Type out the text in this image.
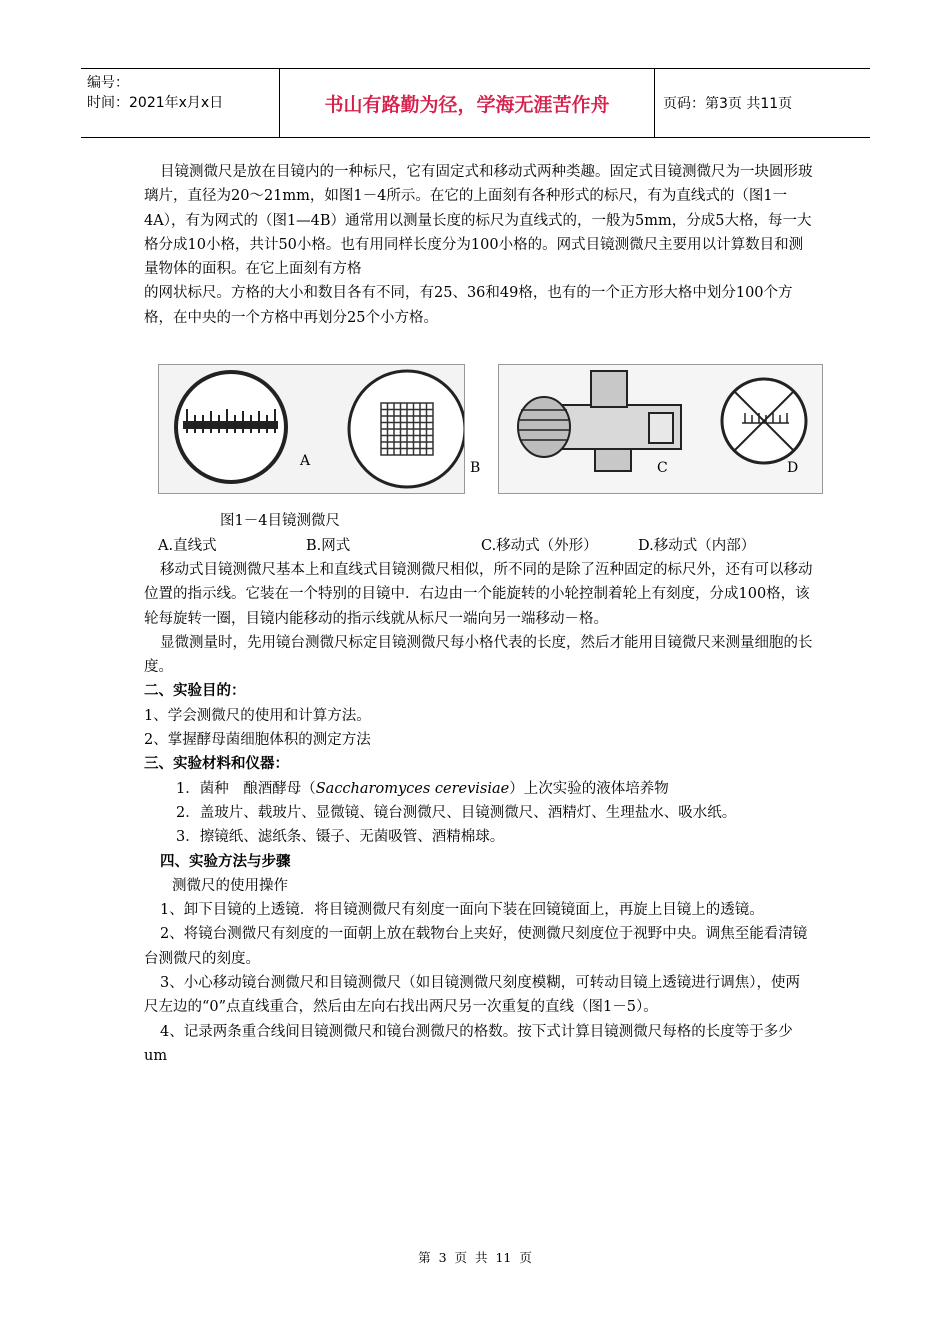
编号：
时间：2021年x月x日	书山有路勤为径，学海无涯苦作舟	页码：第3页 共11页

目镜测微尺是放在目镜内的一种标尺，它有固定式和移动式两种类趣。固定式目镜测微尺为一块圆形玻璃片，直径为20～21mm，如图1－4所示。在它的上面刻有各种形式的标尺，有为直线式的（图1一4A），有为网式的（图1—4B）通常用以测量长度的标尺为直线式的，一般为5mm，分成5大格，每一大格分成10小格，共计50小格。也有用同样长度分为100小格的。网式目镜测微尺主要用以计算数目和测量物体的面积。在它上面刻有方格

的网状标尺。方格的大小和数目各有不同，有25、36和49格，也有的一个正方形大格中划分100个方格，在中央的一个方格中再划分25个小方格。

A	B	C	D
图1－4目镜测微尺
A.直线式	B.网式	C.移动式（外形）	D.移动式（内部）

移动式目镜测微尺基本上和直线式目镜测微尺相似，所不同的是除了沍种固定的标尺外，还有可以移动位置的指示线。它装在一个特别的目镜中．右边由一个能旋转的小轮控制着轮上有刻度，分成100格，该轮每旋转一圈，目镜内能移动的指示线就从标尺一端向另一端移动－格。

显微测量时，先用镜台测微尺标定目镜测微尺每小格代表的长度，然后才能用目镜微尺来测量细胞的长度。

二、实验目的：

1、学会测微尺的使用和计算方法。

2、掌握酵母菌细胞体积的测定方法

三、实验材料和仪器：

1．菌种　酿酒酵母（Saccharomyces cerevisiae）上次实验的液体培养物

2．盖玻片、载玻片、显微镜、镜台测微尺、目镜测微尺、酒精灯、生理盐水、吸水纸。

3．擦镜纸、滤纸条、镊子、无菌吸管、酒精棉球。

四、实验方法与步骤

测微尺的使用操作

1、卸下目镜的上透镜．将目镜测微尺有刻度一面向下装在回镜镜面上，再旋上目镜上的透镜。

2、将镜台测微尺有刻度的一面朝上放在载物台上夹好，使测微尺刻度位于视野中央。调焦至能看清镜台测微尺的刻度。

3、小心移动镜台测微尺和目镜测微尺（如目镜测微尺刻度模糊，可转动目镜上透镜进行调焦），使两尺左边的“0”点直线重合，然后由左向右找出两尺另一次重复的直线（图1－5）。

4、记录两条重合线间目镜测微尺和镜台测微尺的格数。按下式计算目镜测微尺每格的长度等于多少um

第 3 页 共 11 页
